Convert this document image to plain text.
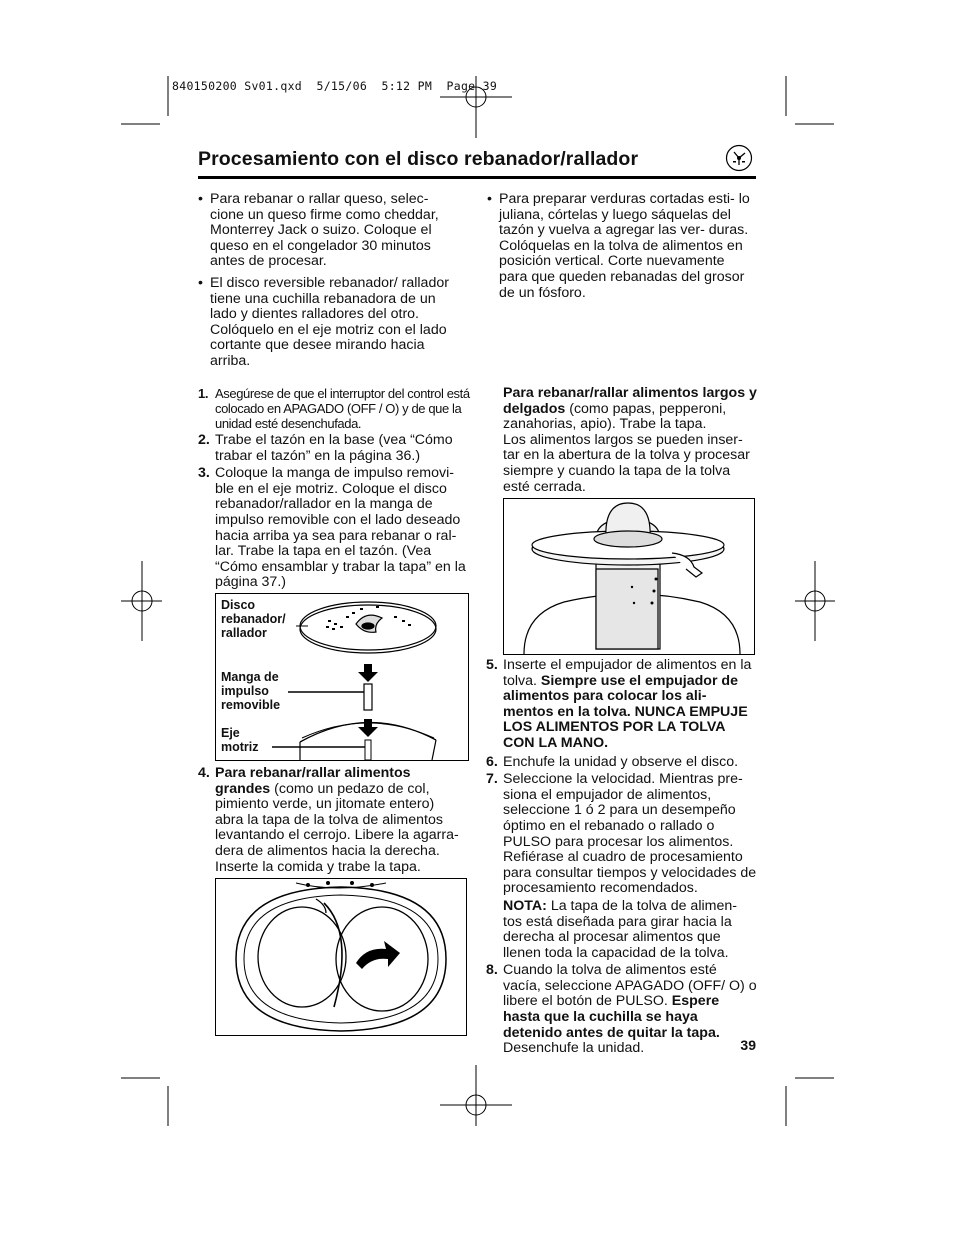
840150200 Sv01.qxd  5/15/06  5:12 PM  Page 39
Procesamiento con el disco rebanador/rallador
• Para rebanar o rallar queso, selec- cione un queso firme como cheddar, Monterrey Jack o suizo. Coloque el queso en el congelador 30 minutos antes de procesar.
• El disco reversible rebanador/ rallador tiene una cuchilla rebanadora de un lado y dientes ralladores del otro. Colóquelo en el eje motriz con el lado cortante que desee mirando hacia arriba.
• Para preparar verduras cortadas esti- lo juliana, córtelas y luego sáquelas del tazón y vuelva a agregar las ver- duras. Colóquelas en la tolva de alimentos en posición vertical. Corte nuevamente para que queden rebanadas del grosor de un fósforo.
1. Asegúrese de que el interruptor del control está colocado en APAGADO (OFF / O) y de que la unidad esté desenchufada.
2. Trabe el tazón en la base (vea “Cómo trabar el tazón” en la página 36.)
3. Coloque la manga de impulso removi- ble en el eje motriz. Coloque el disco rebanador/rallador en la manga de impulso removible con el lado deseado hacia arriba ya sea para rebanar o ral- lar. Trabe la tapa en el tazón. (Vea “Cómo ensamblar y trabar la tapa” en la página 37.)
Disco rebanador/ rallador
Manga de impulso removible
Eje motriz
4. Para rebanar/rallar alimentos grandes (como un pedazo de col, pimiento verde, un jitomate entero) abra la tapa de la tolva de alimentos levantando el cerrojo. Libere la agarra- dera de alimentos hacia la derecha. Inserte la comida y trabe la tapa.
Para rebanar/rallar alimentos largos y delgados (como papas, pepperoni, zanahorias, apio). Trabe la tapa.
Los alimentos largos se pueden inser- tar en la abertura de la tolva y procesar siempre y cuando la tapa de la tolva esté cerrada.
5. Inserte el empujador de alimentos en la tolva. Siempre use el empujador de alimentos para colocar los ali- mentos en la tolva. NUNCA EMPUJE LOS ALIMENTOS POR LA TOLVA CON LA MANO.
6. Enchufe la unidad y observe el disco.
7. Seleccione la velocidad. Mientras pre- siona el empujador de alimentos, seleccione 1 ó 2 para un desempeño óptimo en el rebanado o rallado o PULSO para procesar los alimentos. Refiérase al cuadro de procesamiento para consultar tiempos y velocidades de procesamiento recomendados.
NOTA: La tapa de la tolva de alimen- tos está diseñada para girar hacia la derecha al procesar alimentos que llenen toda la capacidad de la tolva.
8. Cuando la tolva de alimentos esté vacía, seleccione APAGADO (OFF/ O) o libere el botón de PULSO. Espere hasta que la cuchilla se haya detenido antes de quitar la tapa. Desenchufe la unidad.	39
